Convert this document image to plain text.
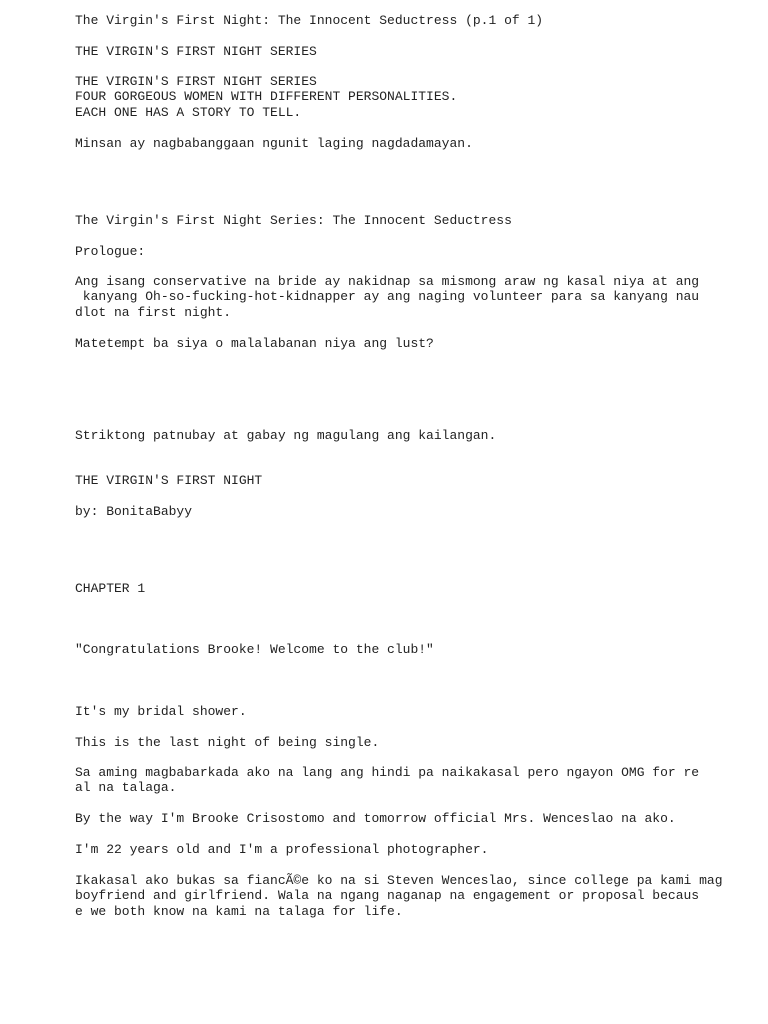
The Virgin's First Night: The Innocent Seductress (p.1 of 1)

THE VIRGIN'S FIRST NIGHT SERIES

THE VIRGIN'S FIRST NIGHT SERIES
FOUR GORGEOUS WOMEN WITH DIFFERENT PERSONALITIES.
EACH ONE HAS A STORY TO TELL.

Minsan ay nagbabanggaan ngunit laging nagdadamayan.

The Virgin's First Night Series: The Innocent Seductress

Prologue:

Ang isang conservative na bride ay nakidnap sa mismong araw ng kasal niya at ang
kanyang Oh-so-fucking-hot-kidnapper ay ang naging volunteer para sa kanyang nau
dlot na first night.

Matetempt ba siya o malalabanan niya ang lust?

Striktong patnubay at gabay ng magulang ang kailangan.

THE VIRGIN'S FIRST NIGHT

by: BonitaBabyy

CHAPTER 1

"Congratulations Brooke! Welcome to the club!"

It's my bridal shower.

This is the last night of being single.

Sa aming magbabarkada ako na lang ang hindi pa naikakasal pero ngayon OMG for re
al na talaga.

By the way I'm Brooke Crisostomo and tomorrow official Mrs. Wenceslao na ako.

I'm 22 years old and I'm a professional photographer.

Ikakasal ako bukas sa fiancÃ©e ko na si Steven Wenceslao, since college pa kami mag
boyfriend and girlfriend. Wala na ngang naganap na engagement or proposal becaus
e we both know na kami na talaga for life.
